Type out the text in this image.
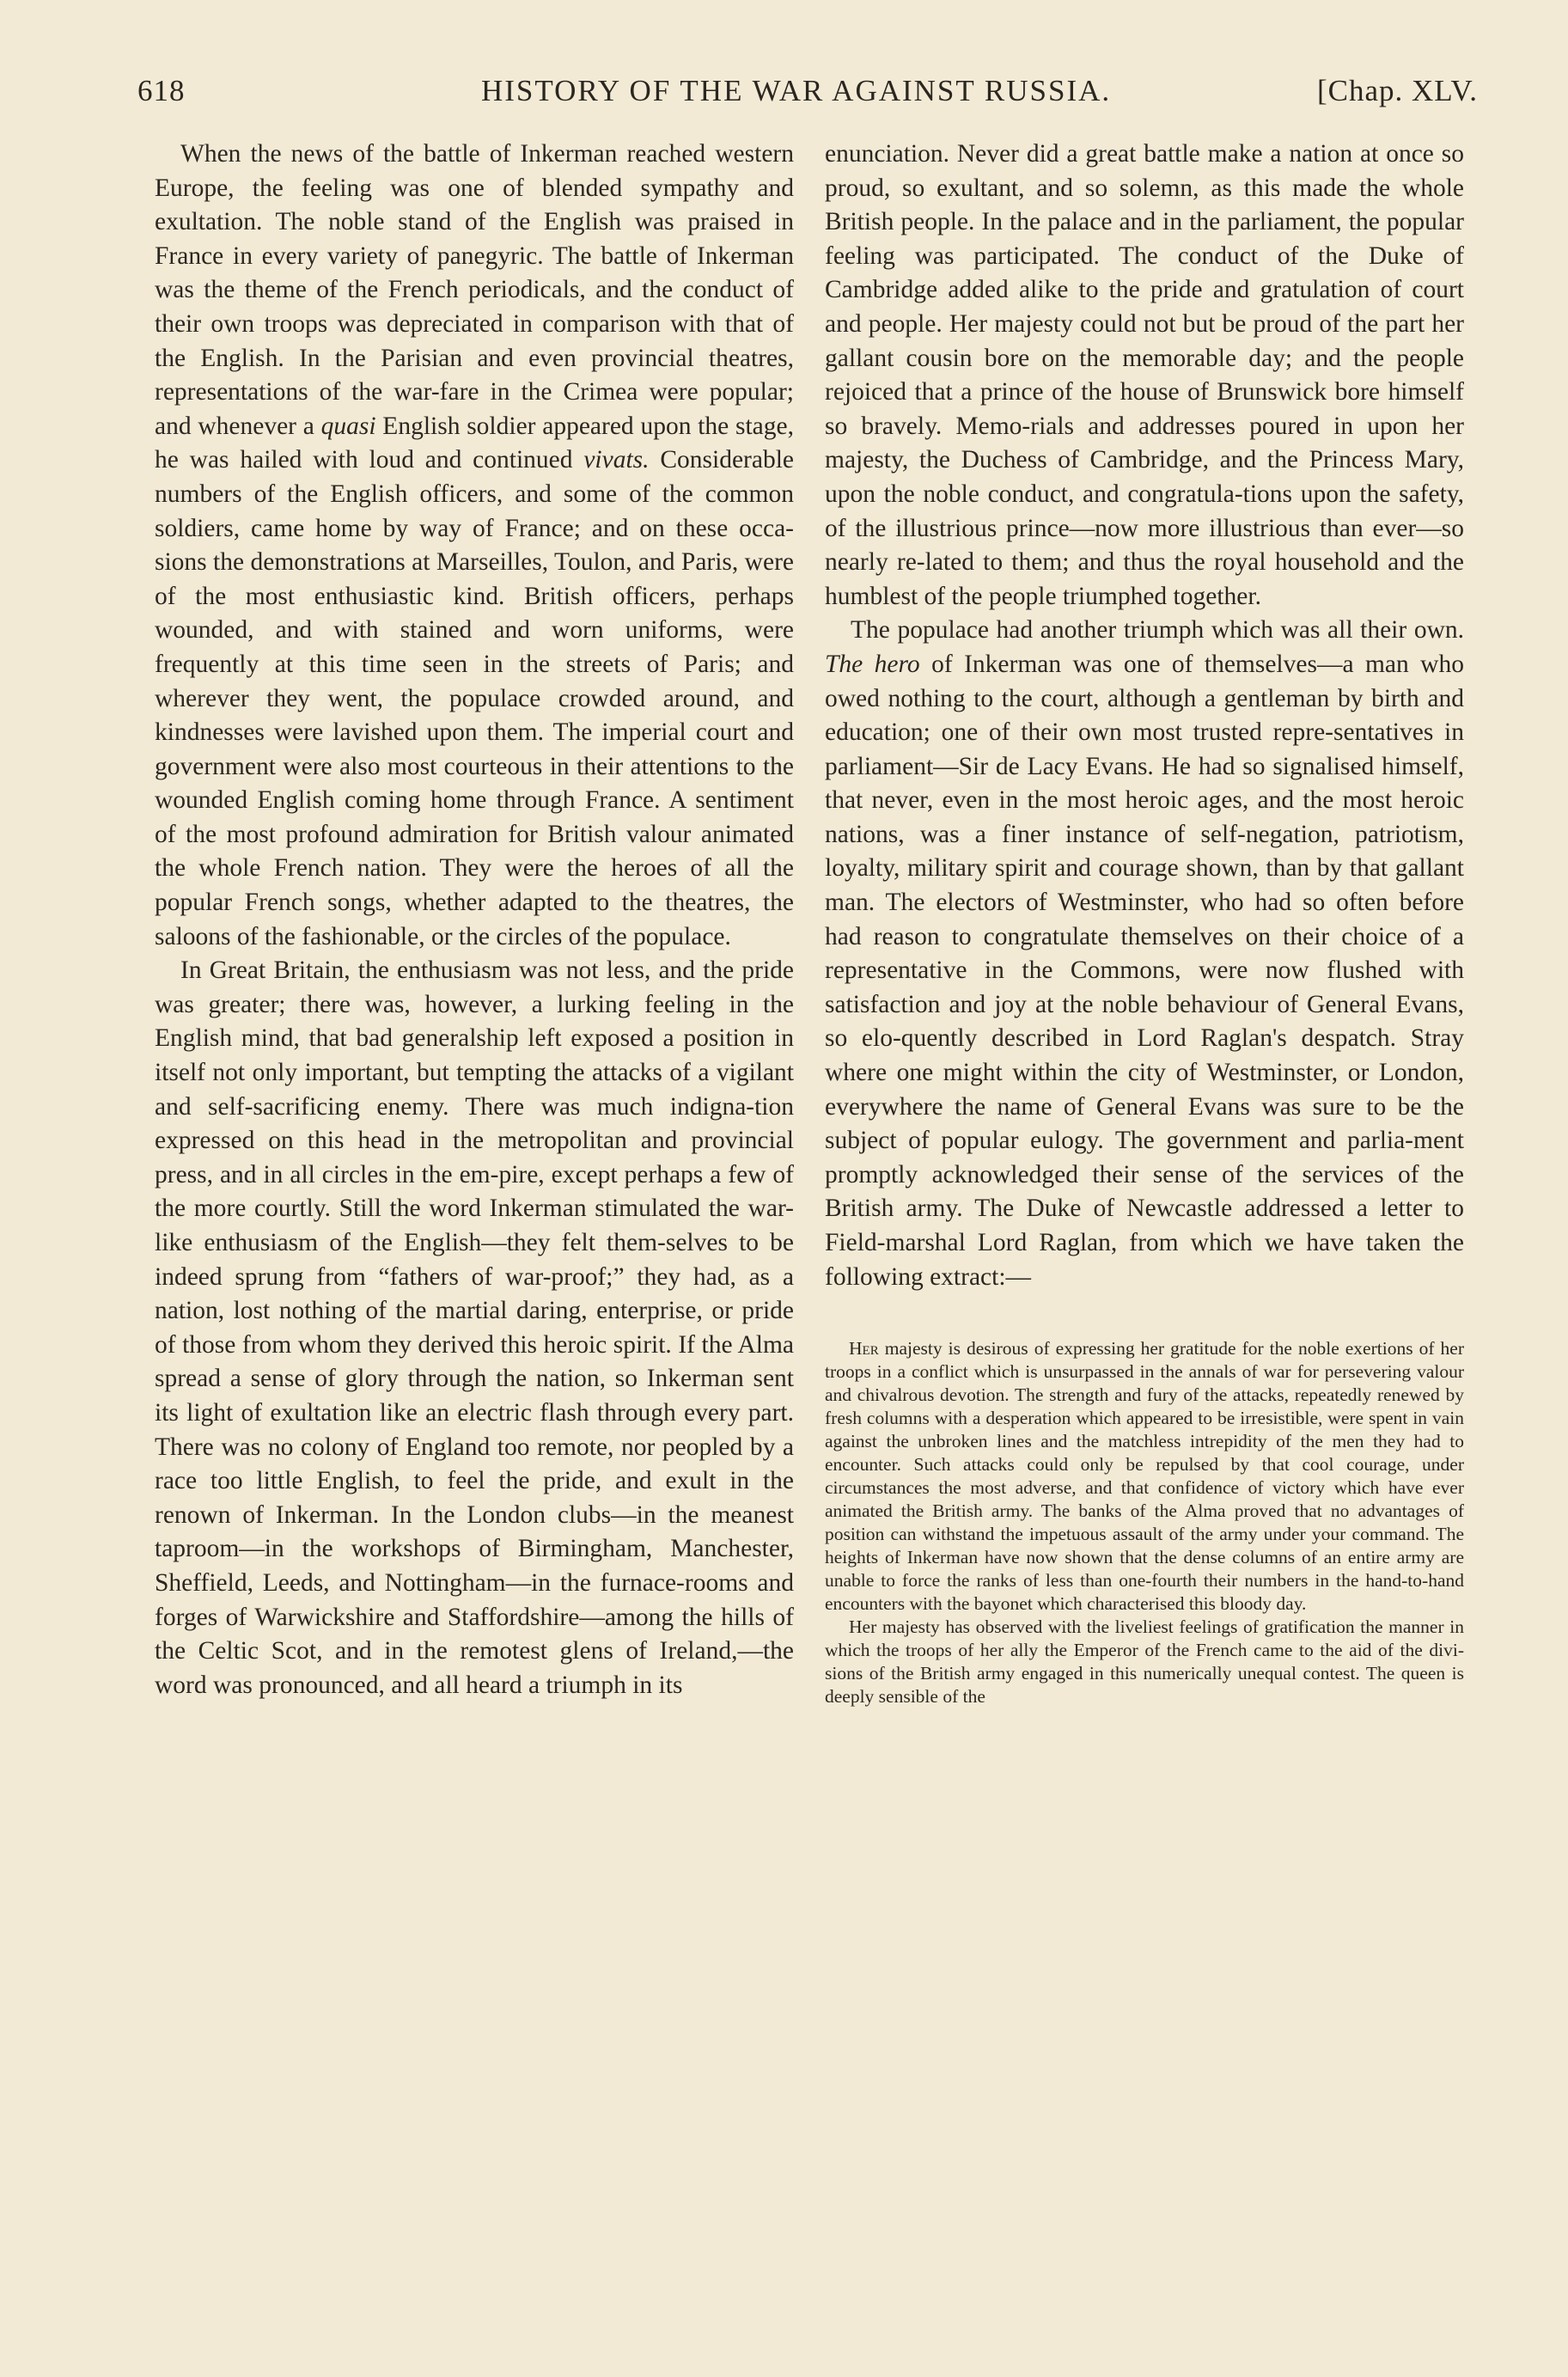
618	HISTORY OF THE WAR AGAINST RUSSIA.	[Chap. XLV.

When the news of the battle of Inkerman reached western Europe, the feeling was one of blended sympathy and exultation. The noble stand of the English was praised in France in every variety of panegyric. The battle of Inkerman was the theme of the French periodicals, and the conduct of their own troops was depreciated in comparison with that of the English. In the Parisian and even provincial theatres, representations of the war-fare in the Crimea were popular; and whenever a quasi English soldier appeared upon the stage, he was hailed with loud and continued vivats. Considerable numbers of the English officers, and some of the common soldiers, came home by way of France; and on these occa-sions the demonstrations at Marseilles, Toulon, and Paris, were of the most enthusiastic kind. British officers, perhaps wounded, and with stained and worn uniforms, were frequently at this time seen in the streets of Paris; and wherever they went, the populace crowded around, and kindnesses were lavished upon them. The imperial court and government were also most courteous in their attentions to the wounded English coming home through France. A sentiment of the most profound admiration for British valour animated the whole French nation. They were the heroes of all the popular French songs, whether adapted to the theatres, the saloons of the fashionable, or the circles of the populace.

In Great Britain, the enthusiasm was not less, and the pride was greater; there was, however, a lurking feeling in the English mind, that bad generalship left exposed a position in itself not only important, but tempting the attacks of a vigilant and self-sacrificing enemy. There was much indigna-tion expressed on this head in the metropolitan and provincial press, and in all circles in the em-pire, except perhaps a few of the more courtly. Still the word Inkerman stimulated the war-like enthusiasm of the English—they felt them-selves to be indeed sprung from “fathers of war-proof;” they had, as a nation, lost nothing of the martial daring, enterprise, or pride of those from whom they derived this heroic spirit. If the Alma spread a sense of glory through the nation, so Inkerman sent its light of exultation like an electric flash through every part. There was no colony of England too remote, nor peopled by a race too little English, to feel the pride, and exult in the renown of Inkerman. In the London clubs—in the meanest taproom—in the workshops of Birmingham, Manchester, Sheffield, Leeds, and Nottingham—in the furnace-rooms and forges of Warwickshire and Staffordshire—among the hills of the Celtic Scot, and in the remotest glens of Ireland,—the word was pronounced, and all heard a triumph in its

enunciation. Never did a great battle make a nation at once so proud, so exultant, and so solemn, as this made the whole British people. In the palace and in the parliament, the popular feeling was participated. The conduct of the Duke of Cambridge added alike to the pride and gratulation of court and people. Her majesty could not but be proud of the part her gallant cousin bore on the memorable day; and the people rejoiced that a prince of the house of Brunswick bore himself so bravely. Memo-rials and addresses poured in upon her majesty, the Duchess of Cambridge, and the Princess Mary, upon the noble conduct, and congratula-tions upon the safety, of the illustrious prince—now more illustrious than ever—so nearly re-lated to them; and thus the royal household and the humblest of the people triumphed together.

The populace had another triumph which was all their own. The hero of Inkerman was one of themselves—a man who owed nothing to the court, although a gentleman by birth and education; one of their own most trusted repre-sentatives in parliament—Sir de Lacy Evans. He had so signalised himself, that never, even in the most heroic ages, and the most heroic nations, was a finer instance of self-negation, patriotism, loyalty, military spirit and courage shown, than by that gallant man. The electors of Westminster, who had so often before had reason to congratulate themselves on their choice of a representative in the Commons, were now flushed with satisfaction and joy at the noble behaviour of General Evans, so elo-quently described in Lord Raglan's despatch. Stray where one might within the city of Westminster, or London, everywhere the name of General Evans was sure to be the subject of popular eulogy. The government and parlia-ment promptly acknowledged their sense of the services of the British army. The Duke of Newcastle addressed a letter to Field-marshal Lord Raglan, from which we have taken the following extract:—

Her majesty is desirous of expressing her gratitude for the noble exertions of her troops in a conflict which is unsurpassed in the annals of war for persevering valour and chivalrous devotion. The strength and fury of the attacks, repeatedly renewed by fresh columns with a desperation which appeared to be irresistible, were spent in vain against the unbroken lines and the matchless intrepidity of the men they had to encounter. Such attacks could only be repulsed by that cool courage, under circumstances the most adverse, and that confidence of victory which have ever animated the British army. The banks of the Alma proved that no advantages of position can withstand the impetuous assault of the army under your command. The heights of Inkerman have now shown that the dense columns of an entire army are unable to force the ranks of less than one-fourth their numbers in the hand-to-hand encounters with the bayonet which characterised this bloody day.

Her majesty has observed with the liveliest feelings of gratification the manner in which the troops of her ally the Emperor of the French came to the aid of the divi-sions of the British army engaged in this numerically unequal contest. The queen is deeply sensible of the
